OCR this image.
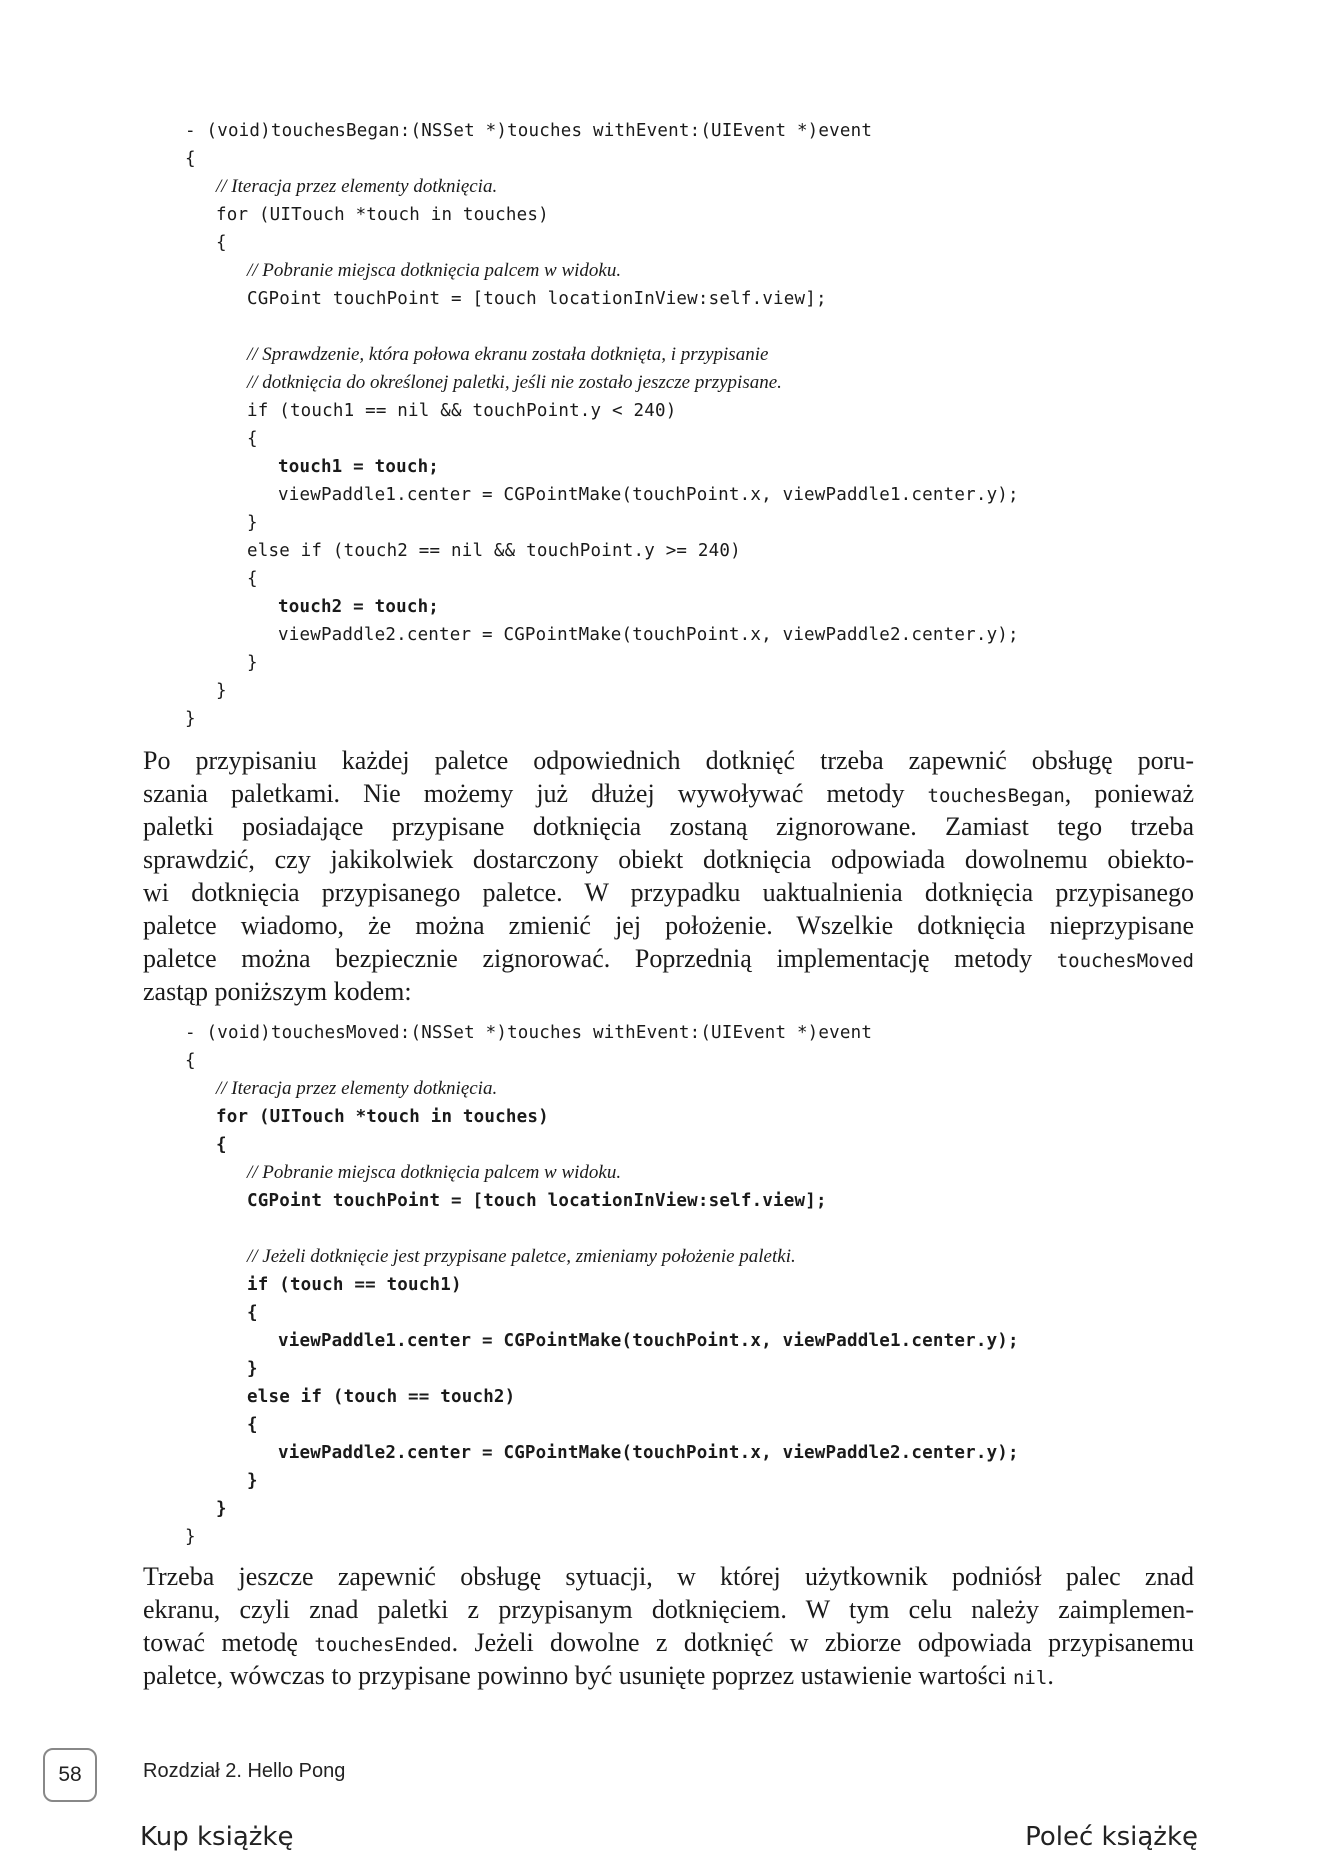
- (void)touchesBegan:(NSSet *)touches withEvent:(UIEvent *)event
{
// Iteracja przez elementy dotknięcia.
for (UITouch *touch in touches)
{
// Pobranie miejsca dotknięcia palcem w widoku.
CGPoint touchPoint = [touch locationInView:self.view];
// Sprawdzenie, która połowa ekranu została dotknięta, i przypisanie
// dotknięcia do określonej paletki, jeśli nie zostało jeszcze przypisane.
if (touch1 == nil && touchPoint.y < 240)
{
touch1 = touch;
viewPaddle1.center = CGPointMake(touchPoint.x, viewPaddle1.center.y);
}
else if (touch2 == nil && touchPoint.y >= 240)
{
touch2 = touch;
viewPaddle2.center = CGPointMake(touchPoint.x, viewPaddle2.center.y);
}
}
}
Po przypisaniu każdej paletce odpowiednich dotknięć trzeba zapewnić obsługę poru-
szania paletkami. Nie możemy już dłużej wywoływać metody touchesBegan, ponieważ
paletki posiadające przypisane dotknięcia zostaną zignorowane. Zamiast tego trzeba
sprawdzić, czy jakikolwiek dostarczony obiekt dotknięcia odpowiada dowolnemu obiekto-
wi dotknięcia przypisanego paletce. W przypadku uaktualnienia dotknięcia przypisanego
paletce wiadomo, że można zmienić jej położenie. Wszelkie dotknięcia nieprzypisane
paletce można bezpiecznie zignorować. Poprzednią implementację metody touchesMoved
zastąp poniższym kodem:
- (void)touchesMoved:(NSSet *)touches withEvent:(UIEvent *)event
{
// Iteracja przez elementy dotknięcia.
for (UITouch *touch in touches)
{
// Pobranie miejsca dotknięcia palcem w widoku.
CGPoint touchPoint = [touch locationInView:self.view];
// Jeżeli dotknięcie jest przypisane paletce, zmieniamy położenie paletki.
if (touch == touch1)
{
viewPaddle1.center = CGPointMake(touchPoint.x, viewPaddle1.center.y);
}
else if (touch == touch2)
{
viewPaddle2.center = CGPointMake(touchPoint.x, viewPaddle2.center.y);
}
}
}
Trzeba jeszcze zapewnić obsługę sytuacji, w której użytkownik podniósł palec znad
ekranu, czyli znad paletki z przypisanym dotknięciem. W tym celu należy zaimplemen-
tować metodę touchesEnded. Jeżeli dowolne z dotknięć w zbiorze odpowiada przypisanemu
paletce, wówczas to przypisane powinno być usunięte poprzez ustawienie wartości nil.
58	Rozdział 2. Hello Pong
Kup książkę	Poleć książkę
